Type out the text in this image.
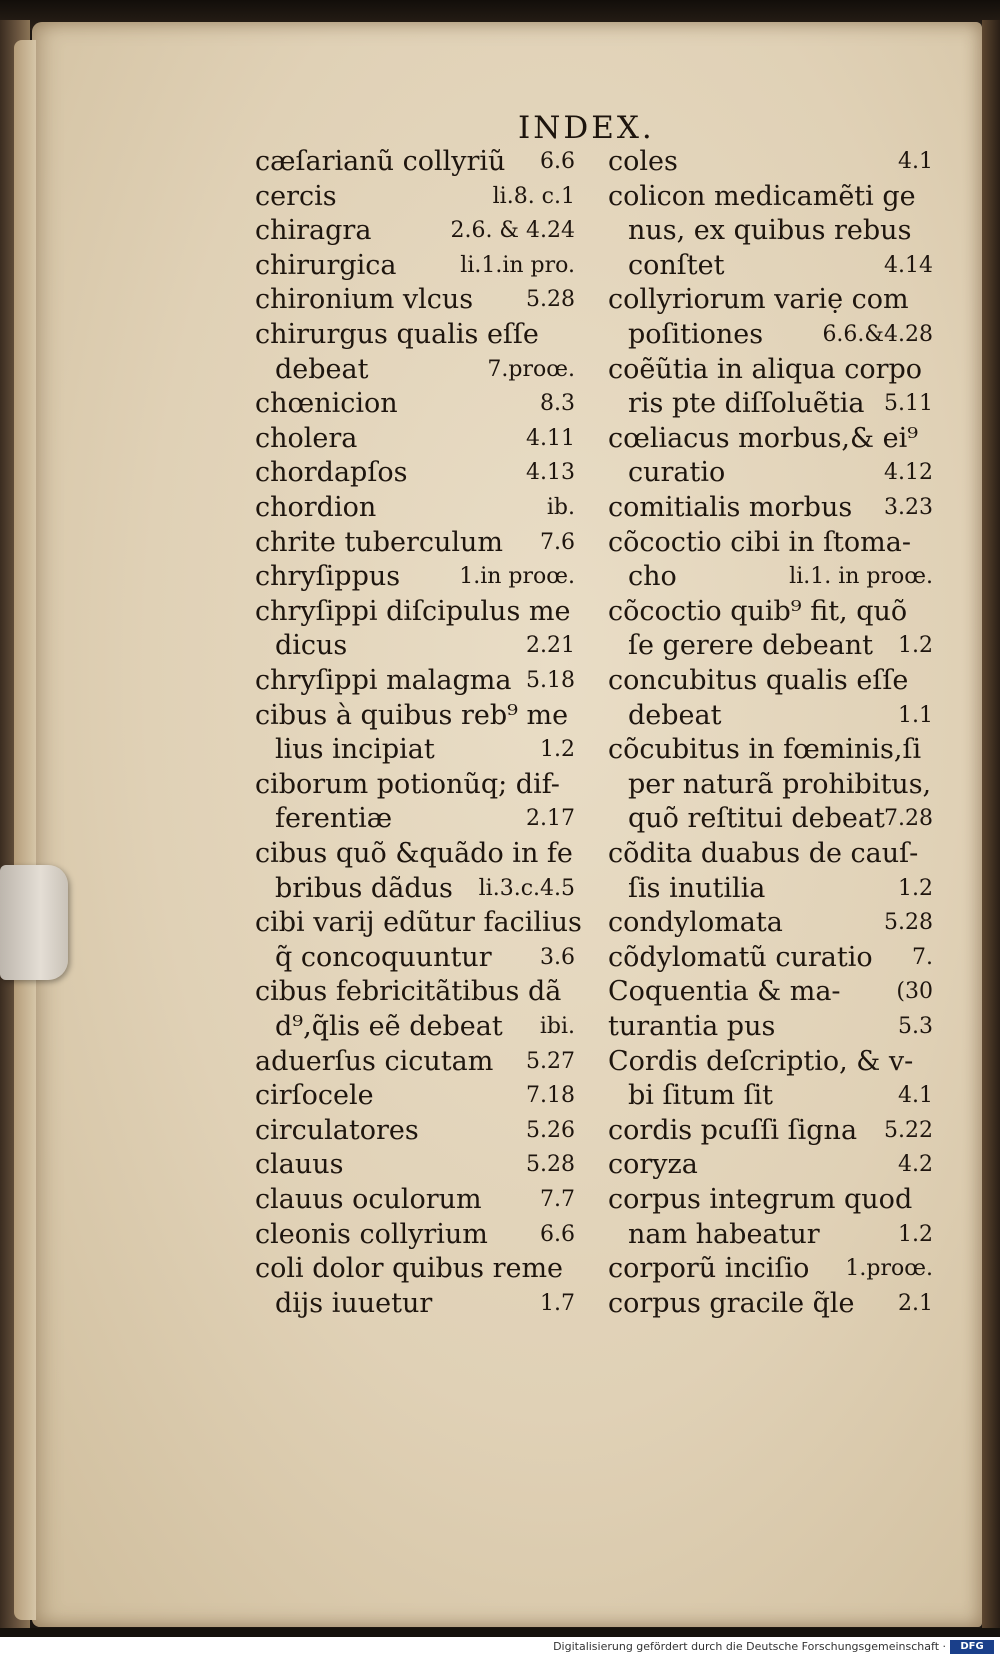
INDEX.
cæſarianũ collyriũ 6.6
cercis	li.8. c.1
chiragra	2.6. & 4.24
chirurgica	li.1.in pro.
chironium vlcus 5.28
chirurgus qualis eſſe
debeat	7.proœ.
chœnicion	8.3
cholera	4.11
chordapſos	4.13
chordion	ib.
chrite tuberculum 7.6
chryſippus	1.in proœ.
chryſippi diſcipulus me
dicus	2.21
chryſippi malagma 5.18
cibus à quibus reb⁹ me
lius incipiat	1.2
ciborum potionũq; dif-
ferentiæ	2.17
cibus quõ &quãdo in fe
bribus dãdus li.3.c.4.5
cibi varij edũtur facilius
q̃ concoquuntur 3.6
cibus febricitãtibus dã
d⁹,q̃lis eẽ debeat ibi.
aduerſus cicutam 5.27
cirſocele	7.18
circulatores	5.26
clauus	5.28
clauus oculorum	7.7
cleonis collyrium 6.6
coli dolor quibus reme
dijs iuuetur	1.7
coles	4.1
colicon medicamẽti ge
nus, ex quibus rebus
conſtet	4.14
collyriorum variẹ com
poſitiones	6.6.&4.28
coẽũtia in aliqua corpo
ris pte diſſoluẽtia 5.11
cœliacus morbus,& ei⁹
curatio	4.12
comitialis morbus 3.23
cõcoctio cibi in ſtoma-
cho	li.1. in proœ.
cõcoctio quib⁹ fit, quõ
ſe gerere debeant 1.2
concubitus qualis eſſe
debeat	1.1
cõcubitus in fœminis,ſi
per naturã prohibitus,
quõ reſtitui debeat 7.28
cõdita duabus de cauſ-
ſis inutilia	1.2
condylomata	5.28
cõdylomatũ curatio 7.
Coquentia & ma-	(30
turantia pus	5.3
Cordis deſcriptio, & v-
bi ſitum ſit	4.1
cordis pcuſſi ſigna 5.22
coryza	4.2
corpus integrum quod
nam habeatur	1.2
corporũ inciſio 1.proœ.
corpus gracile q̃le 2.1
Digitalisierung gefördert durch die Deutsche Forschungsgemeinschaft ·	DFG
